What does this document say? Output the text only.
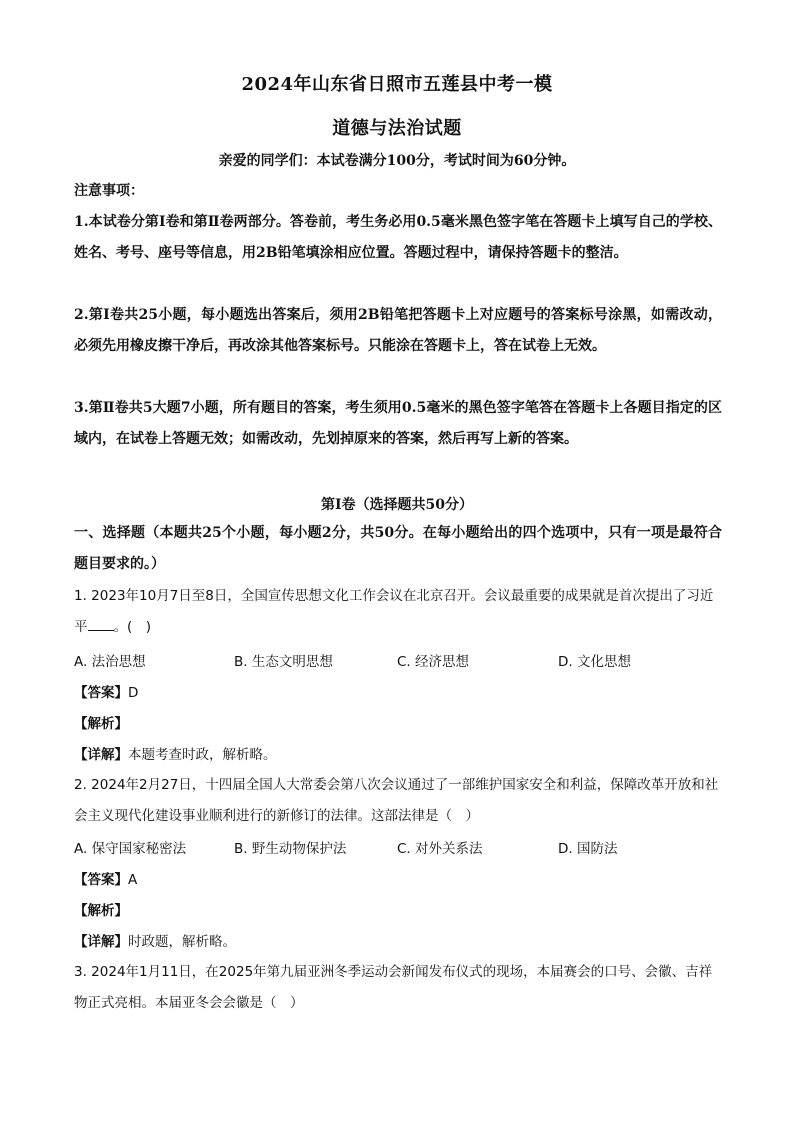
2024年山东省日照市五莲县中考一模
道德与法治试题
亲爱的同学们：本试卷满分100分，考试时间为60分钟。
注意事项：
1.本试卷分第Ⅰ卷和第Ⅱ卷两部分。答卷前，考生务必用0.5毫米黑色签字笔在答题卡上填写自己的学校、姓名、考号、座号等信息，用2B铅笔填涂相应位置。答题过程中，请保持答题卡的整洁。
2.第Ⅰ卷共25小题，每小题选出答案后，须用2B铅笔把答题卡上对应题号的答案标号涂黑，如需改动，必须先用橡皮擦干净后，再改涂其他答案标号。只能涂在答题卡上，答在试卷上无效。
3.第Ⅱ卷共5大题7小题，所有题目的答案，考生须用0.5毫米的黑色签字笔答在答题卡上各题目指定的区域内，在试卷上答题无效；如需改动，先划掉原来的答案，然后再写上新的答案。
第Ⅰ卷（选择题共50分）
一、选择题（本题共25个小题，每小题2分，共50分。在每小题给出的四个选项中，只有一项是最符合题目要求的。）
1. 2023年10月7日至8日，全国宣传思想文化工作会议在北京召开。会议最重要的成果就是首次提出了习近平 。(　)
A. 法治思想	B. 生态文明思想	C. 经济思想	D. 文化思想
【答案】D
【解析】
【详解】本题考查时政，解析略。
2. 2024年2月27日，十四届全国人大常委会第八次会议通过了一部维护国家安全和利益，保障改革开放和社会主义现代化建设事业顺利进行的新修订的法律。这部法律是（　）
A. 保守国家秘密法	B. 野生动物保护法	C. 对外关系法	D. 国防法
【答案】A
【解析】
【详解】时政题，解析略。
3. 2024年1月11日，在2025年第九届亚洲冬季运动会新闻发布仪式的现场，本届赛会的口号、会徽、吉祥物正式亮相。本届亚冬会会徽是（　）
